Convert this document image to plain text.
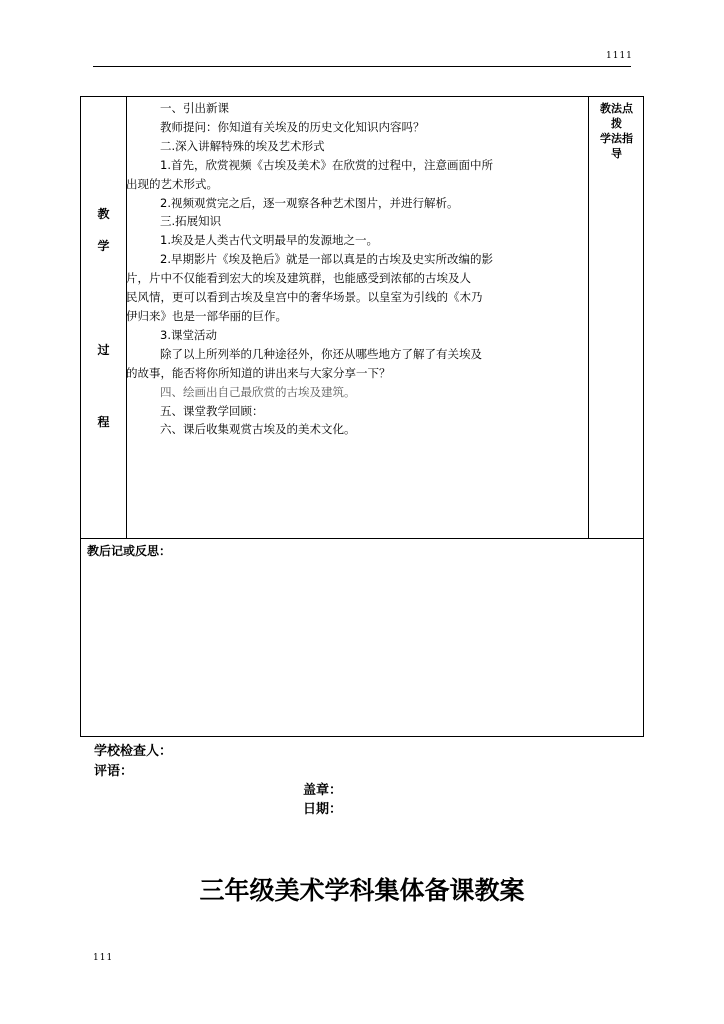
1111
教
学
过
程

一、引出新课

教师提问：你知道有关埃及的历史文化知识内容吗？

二.深入讲解特殊的埃及艺术形式

1.首先，欣赏视频《古埃及美术》在欣赏的过程中，注意画面中所

出现的艺术形式。

2.视频观赏完之后，逐一观察各种艺术图片，并进行解析。

三.拓展知识

1.埃及是人类古代文明最早的发源地之一。

2.早期影片《埃及艳后》就是一部以真是的古埃及史实所改编的影

片，片中不仅能看到宏大的埃及建筑群，也能感受到浓郁的古埃及人

民风情，更可以看到古埃及皇宫中的奢华场景。以皇室为引线的《木乃

伊归来》也是一部华丽的巨作。

3.课堂活动

除了以上所列举的几种途径外，你还从哪些地方了解了有关埃及

的故事，能否将你所知道的讲出来与大家分享一下？

四、绘画出自己最欣赏的古埃及建筑。

五、课堂教学回顾：

六、课后收集观赏古埃及的美术文化。

教法点
拨
学法指
导
教后记或反思：
学校检查人：
评语：
盖章：
日期：
三年级美术学科集体备课教案
111
